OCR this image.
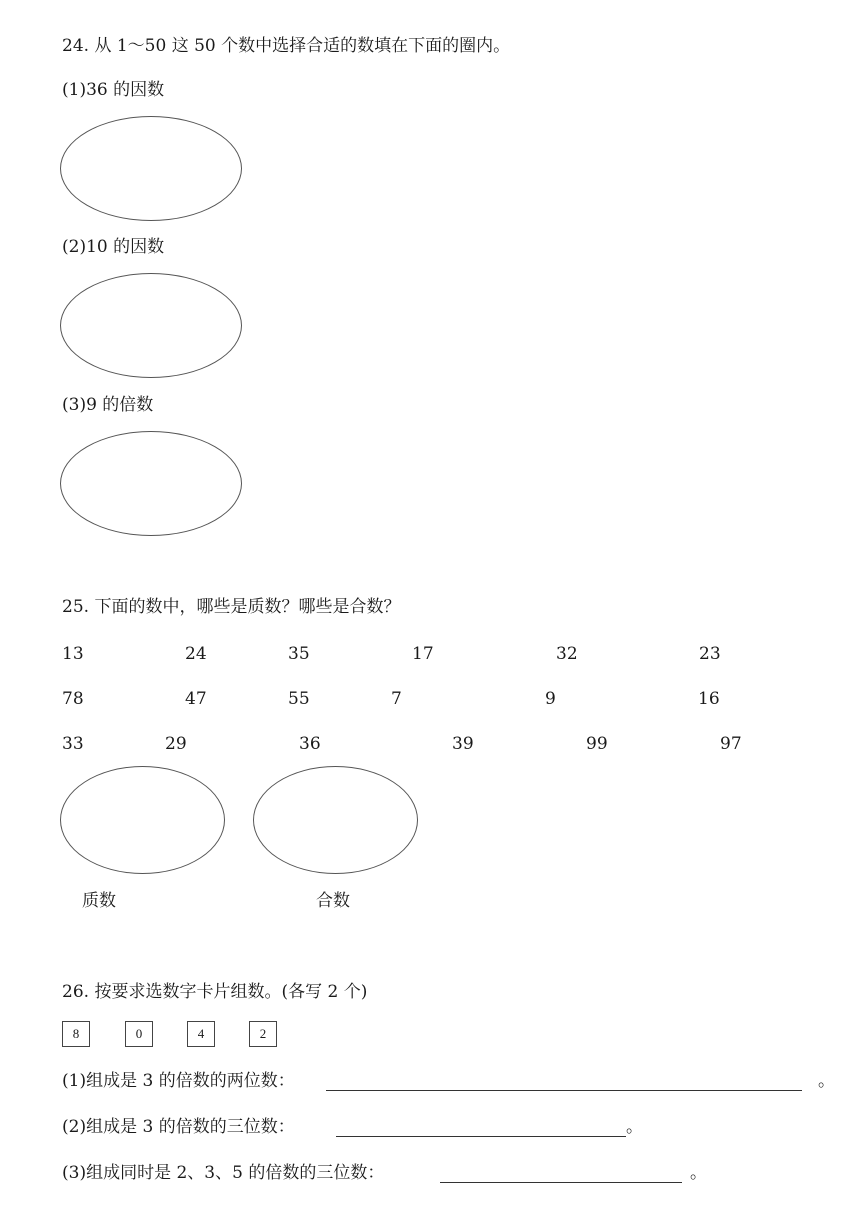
24. 从 1～50 这 50 个数中选择合适的数填在下面的圈内。
(1)36 的因数
(2)10 的因数
(3)9 的倍数
25. 下面的数中，哪些是质数？哪些是合数？
13	24	35	17	32	23
78	47	55	7	9	16
33	29	36	39	99	97
质数	合数
26. 按要求选数字卡片组数。(各写 2 个)
8	0	4	2
(1)组成是 3 的倍数的两位数：	。
(2)组成是 3 的倍数的三位数：	。
(3)组成同时是 2、3、5 的倍数的三位数：	。
